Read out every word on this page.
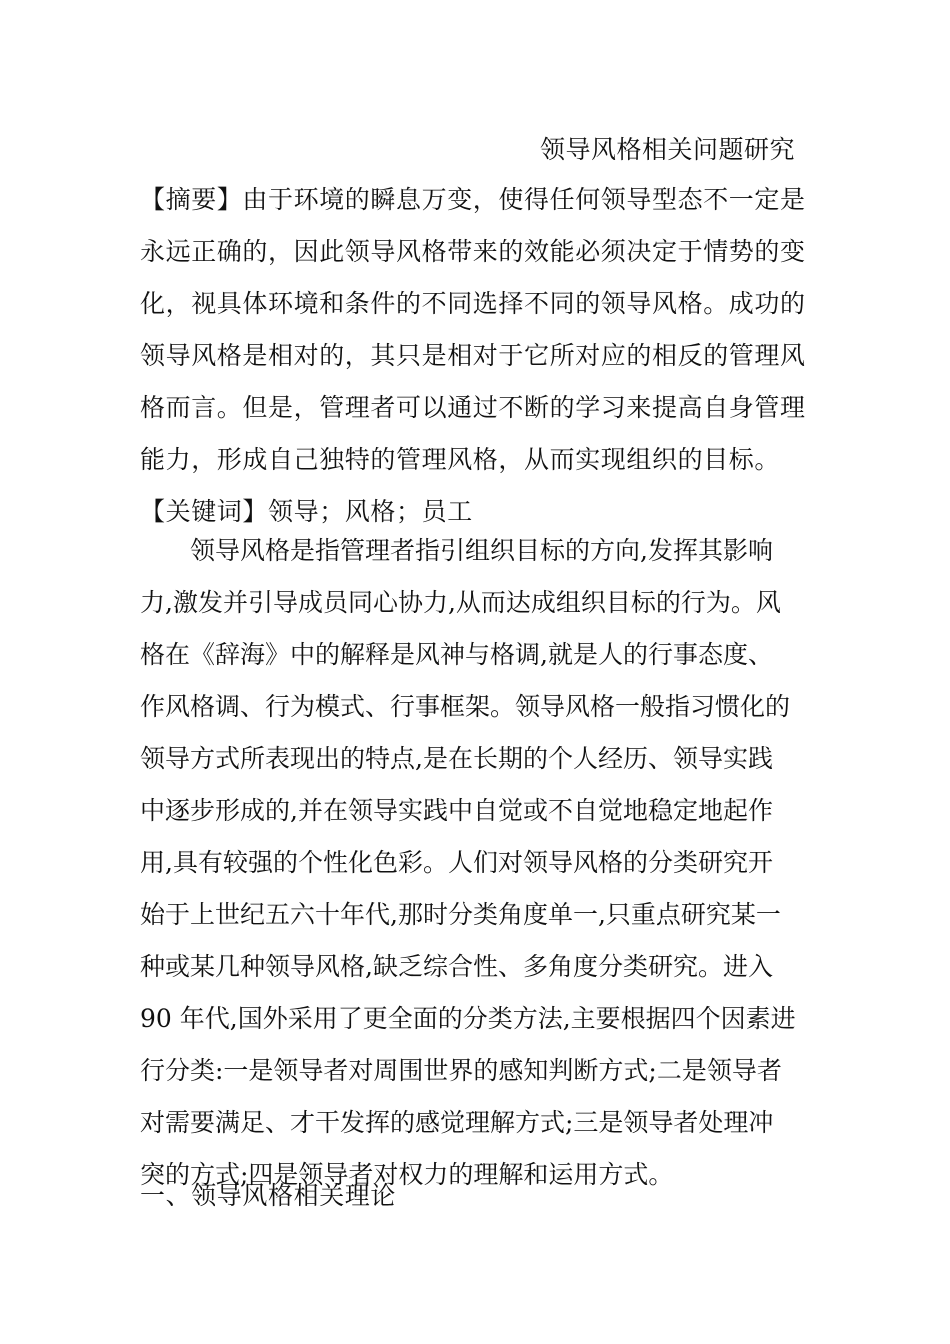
领导风格相关问题研究
【摘要】由于环境的瞬息万变，使得任何领导型态不一定是
永远正确的，因此领导风格带来的效能必须决定于情势的变
化，视具体环境和条件的不同选择不同的领导风格。成功的
领导风格是相对的，其只是相对于它所对应的相反的管理风
格而言。但是，管理者可以通过不断的学习来提高自身管理
能力，形成自己独特的管理风格，从而实现组织的目标。
【关键词】领导；风格；员工
　　领导风格是指管理者指引组织目标的方向,发挥其影响
力,激发并引导成员同心协力,从而达成组织目标的行为。风
格在《辞海》中的解释是风神与格调,就是人的行事态度、
作风格调、行为模式、行事框架。领导风格一般指习惯化的
领导方式所表现出的特点,是在长期的个人经历、领导实践
中逐步形成的,并在领导实践中自觉或不自觉地稳定地起作
用,具有较强的个性化色彩。人们对领导风格的分类研究开
始于上世纪五六十年代,那时分类角度单一,只重点研究某一
种或某几种领导风格,缺乏综合性、多角度分类研究。进入
90 年代,国外采用了更全面的分类方法,主要根据四个因素进
行分类:一是领导者对周围世界的感知判断方式;二是领导者
对需要满足、才干发挥的感觉理解方式;三是领导者处理冲
突的方式;四是领导者对权力的理解和运用方式。
一、领导风格相关理论
